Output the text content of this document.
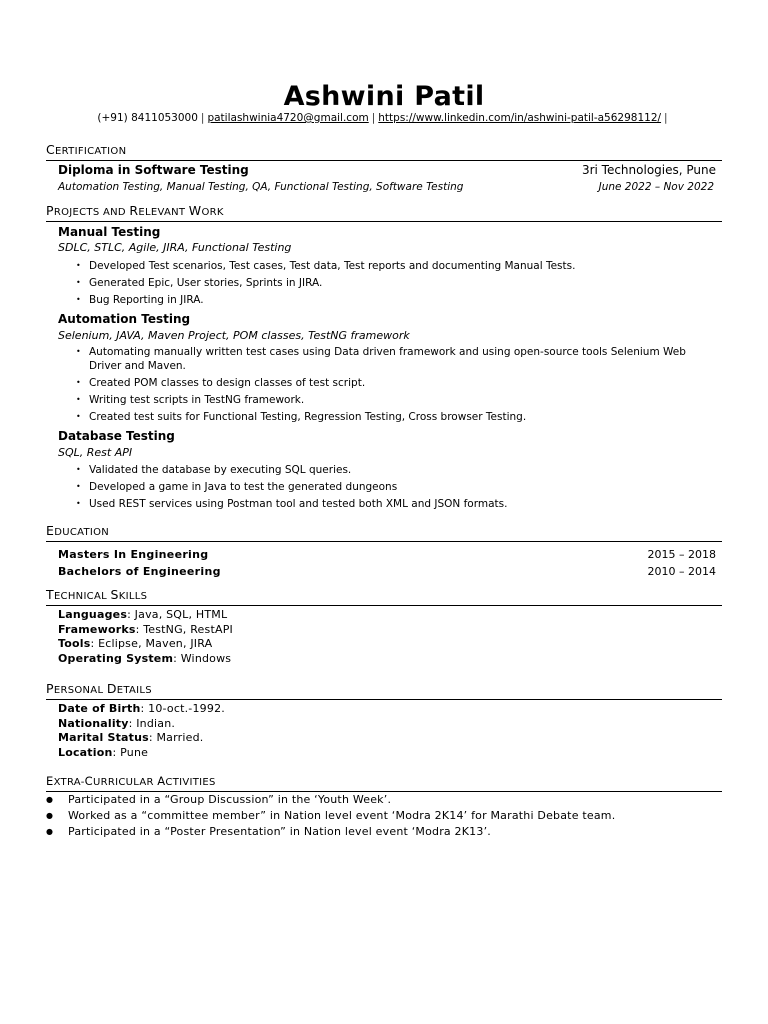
Ashwini Patil
(+91) 8411053000 | patilashwinia4720@gmail.com | https://www.linkedin.com/in/ashwini-patil-a56298112/ |
CERTIFICATION
Diploma in Software Testing	3ri Technologies, Pune
Automation Testing, Manual Testing, QA, Functional Testing, Software Testing	June 2022 – Nov 2022
PROJECTS AND RELEVANT WORK
Manual Testing
SDLC, STLC, Agile, JIRA, Functional Testing
• Developed Test scenarios, Test cases, Test data, Test reports and documenting Manual Tests.
• Generated Epic, User stories, Sprints in JIRA.
• Bug Reporting in JIRA.
Automation Testing
Selenium, JAVA, Maven Project, POM classes, TestNG framework
• Automating manually written test cases using Data driven framework and using open-source tools Selenium Web Driver and Maven.
• Created POM classes to design classes of test script.
• Writing test scripts in TestNG framework.
• Created test suits for Functional Testing, Regression Testing, Cross browser Testing.
Database Testing
SQL, Rest API
• Validated the database by executing SQL queries.
• Developed a game in Java to test the generated dungeons
• Used REST services using Postman tool and tested both XML and JSON formats.
EDUCATION
Masters In Engineering	2015 – 2018
Bachelors of Engineering	2010 – 2014
TECHNICAL SKILLS
Languages: Java, SQL, HTML
Frameworks: TestNG, RestAPI
Tools: Eclipse, Maven, JIRA
Operating System: Windows
PERSONAL DETAILS
Date of Birth: 10-oct.-1992.
Nationality: Indian.
Marital Status: Married.
Location: Pune
EXTRA-CURRICULAR ACTIVITIES
● Participated in a “Group Discussion” in the ‘Youth Week’.
● Worked as a “committee member” in Nation level event ‘Modra 2K14’ for Marathi Debate team.
● Participated in a “Poster Presentation” in Nation level event ‘Modra 2K13’.
